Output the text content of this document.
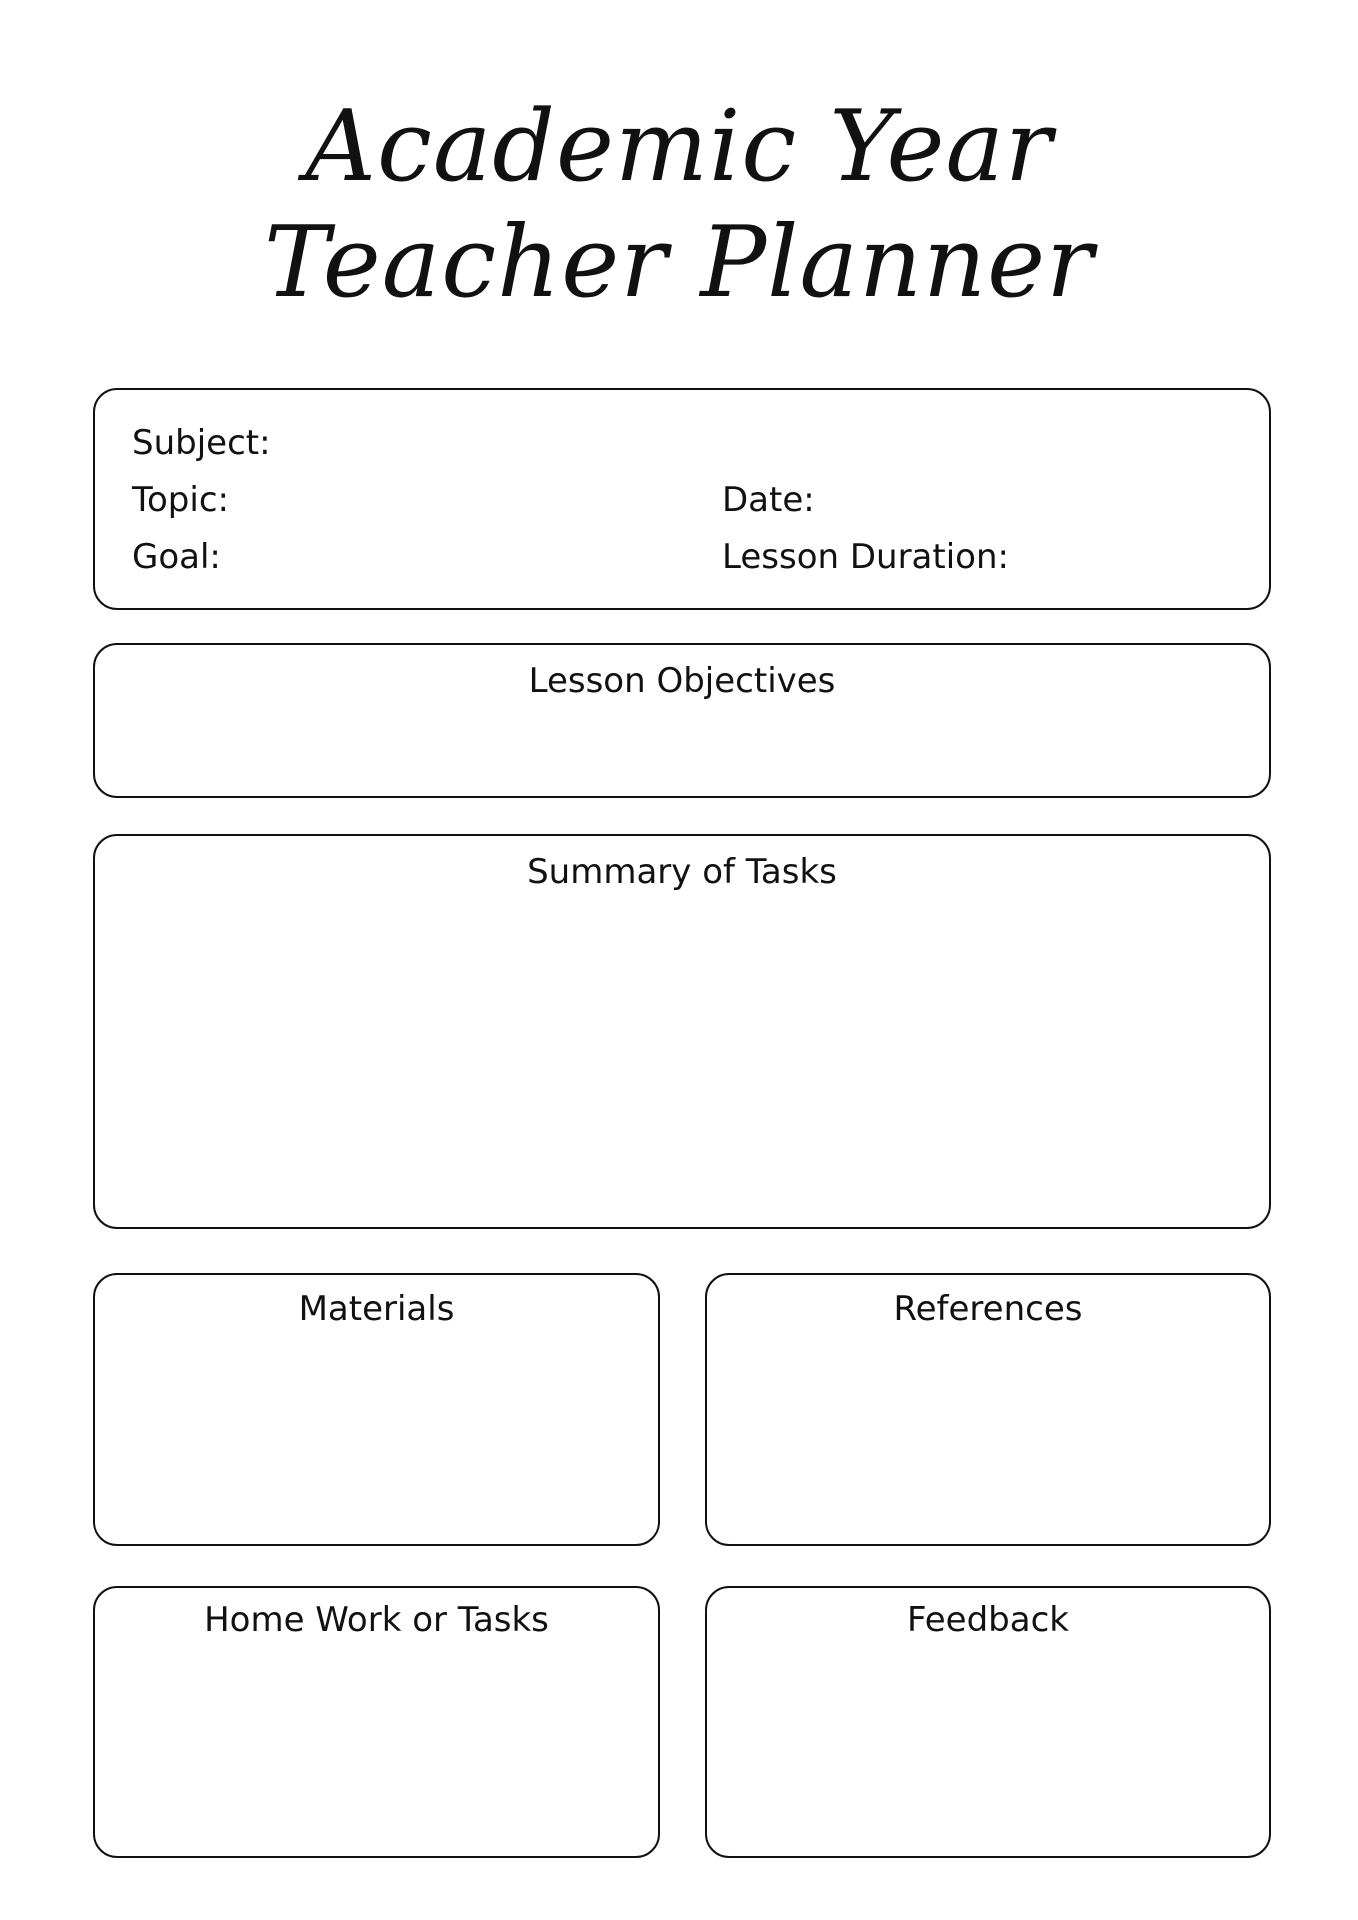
Academic Year
Teacher Planner
Subject:
Topic:
Goal:
Date:
Lesson Duration:
Lesson Objectives
Summary of Tasks
Materials	References
Home Work or Tasks	Feedback
